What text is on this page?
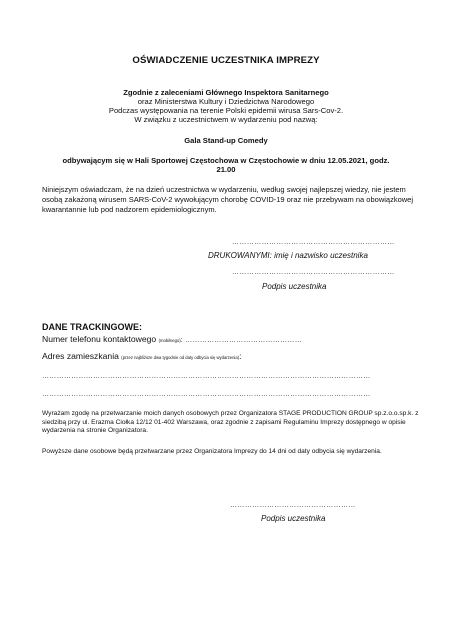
OŚWIADCZENIE UCZESTNIKA IMPREZY
Zgodnie z zaleceniami Głównego Inspektora Sanitarnego
oraz Ministerstwa Kultury i Dziedzictwa Narodowego
Podczas występowania na terenie Polski epidemii wirusa Sars-Cov-2.
W związku z uczestnictwem w wydarzeniu pod nazwą:
Gala Stand-up Comedy
odbywającym się w Hali Sportowej Częstochowa w Częstochowie w dniu 12.05.2021, godz.
21.00
Niniejszym oświadczam, że na dzień uczestnictwa w wydarzeniu, według swojej najlepszej wiedzy, nie jestem osobą zakażoną wirusem SARS-CoV-2 wywołującym chorobę COVID-19 oraz nie przebywam na obowiązkowej kwarantannie lub pod nadzorem epidemiologicznym.
…………………………………………………………
DRUKOWANYMI: imię i nazwisko uczestnika
…………………………………………………………
Podpis uczestnika
DANE TRACKINGOWE:
Numer telefonu kontaktowego (mobilnego): …………………………………………
Adres zamieszkania (przez najbliższe dwa tygodnie od daty odbycia się wydarzenia):
………………………………………………………………………………………………………………………
………………………………………………………………………………………………………………………
Wyrażam zgodę na przetwarzanie moich danych osobowych przez Organizatora STAGE PRODUCTION GROUP sp.z.o.o.sp.k. z siedzibą przy ul. Erazma Ciołka 12/12 01-402 Warszawa, oraz zgodnie z zapisami Regulaminu Imprezy dostępnego w opisie wydarzenia na stronie Organizatora.
Powyższe dane osobowe będą przetwarzane przez Organizatora Imprezy do 14 dni od daty odbycia się wydarzenia.
……………………………………………
Podpis uczestnika
